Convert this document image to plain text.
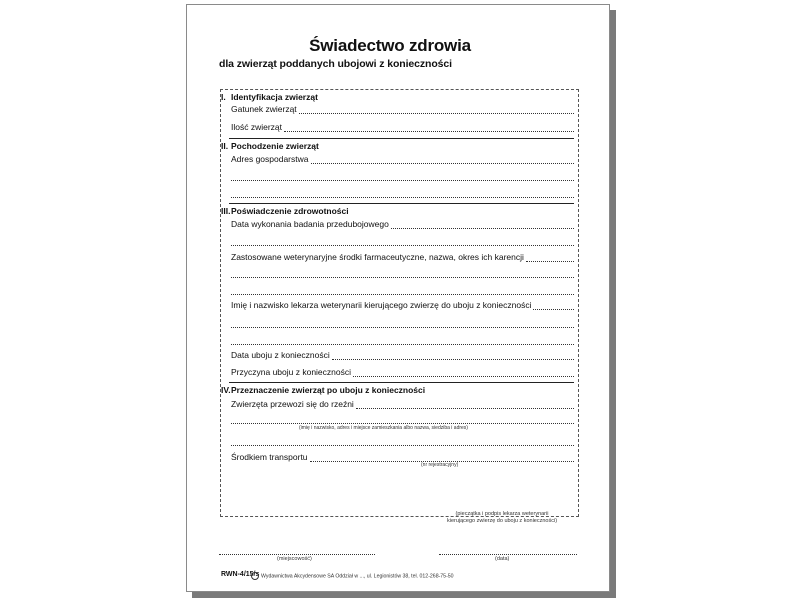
Świadectwo zdrowia
dla zwierząt poddanych ubojowi z konieczności
I. Identyfikacja zwierząt
Gatunek zwierząt
Ilość zwierząt
II. Pochodzenie zwierząt
Adres gospodarstwa
III.Poświadczenie zdrowotności
Data wykonania badania przedubojowego
Zastosowane weterynaryjne środki farmaceutyczne, nazwa, okres ich karencji
Imię i nazwisko lekarza weterynarii kierującego zwierzę do uboju z konieczności
Data uboju z konieczności
Przyczyna uboju z konieczności
IV.Przeznaczenie zwierząt po uboju z konieczności
Zwierzęta przewozi się do rzeźni
(imię i nazwisko, adres i miejsce zamieszkania albo nazwa, siedziba i adres)
Środkiem transportu
(nr rejestracyjny)
(pieczątka i podpis lekarza weterynarii
kierującego zwierzę do uboju z konieczności)
(miejscowość)	(data)
RWN-4/15/s Wydawnictwa Akcydensowe SA Oddział w ..., ul. Legionistów 38, tel. 012-268-75-50
